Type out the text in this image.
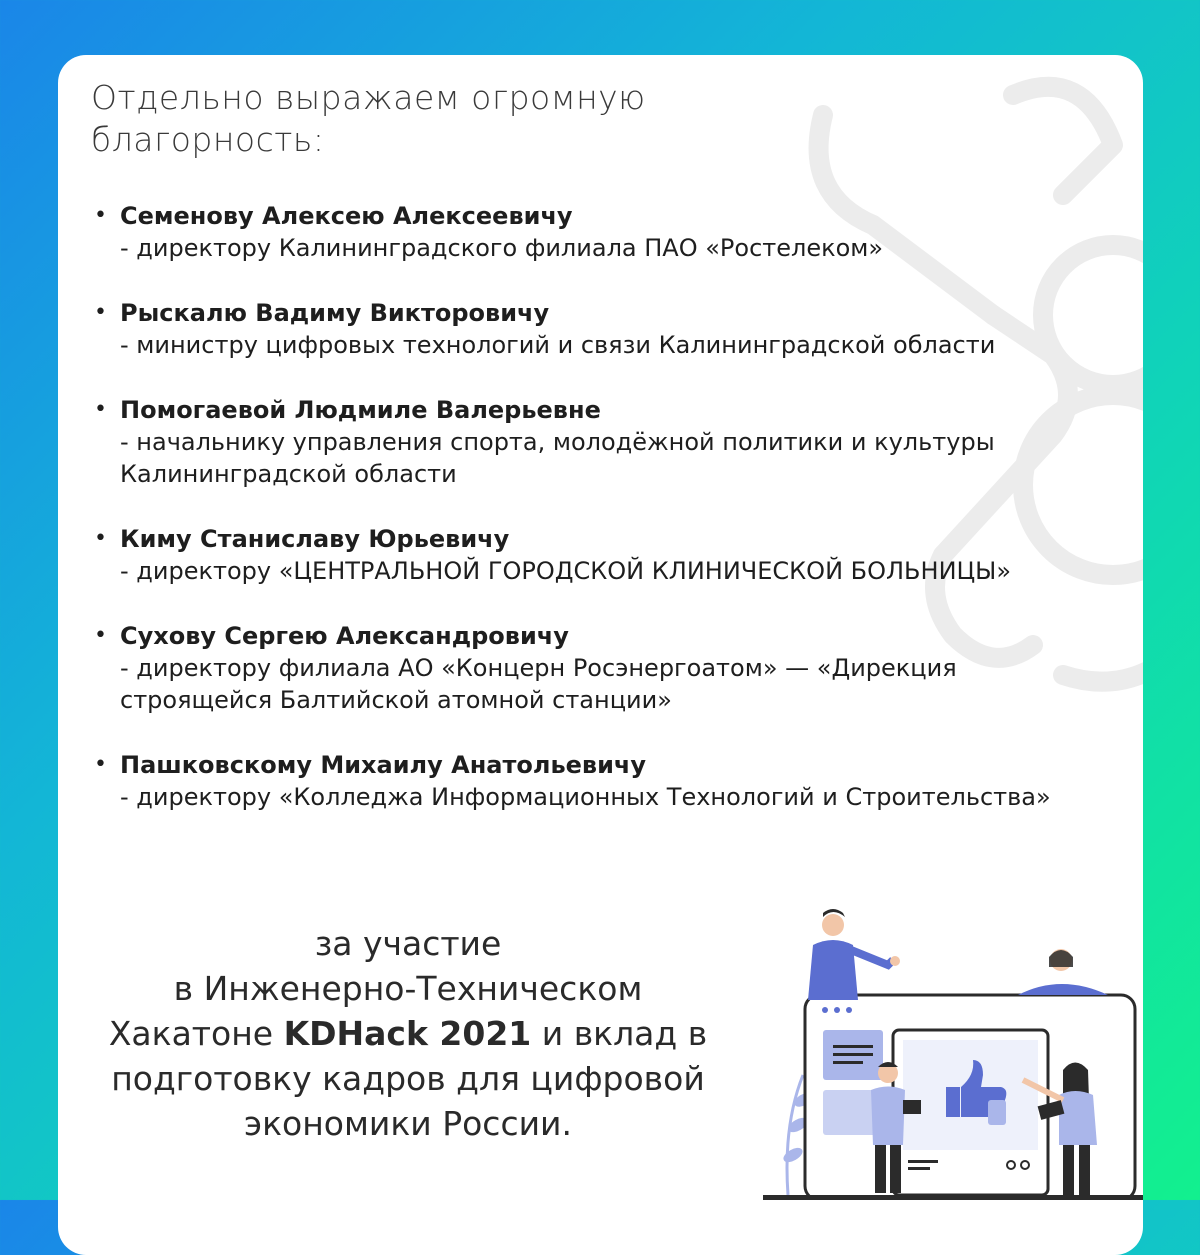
Отдельно выражаем огромную благорность:
• Семенову Алексею Алексеевичу
- директору Калининградского филиала ПАО «Ростелеком»
• Рыскалю Вадиму Викторовичу
- министру цифровых технологий и связи Калининградской области
• Помогаевой Людмиле Валерьевне
- начальнику управления спорта, молодёжной политики и культуры Калининградской области
• Киму Станиславу Юрьевичу
- директору «ЦЕНТРАЛЬНОЙ ГОРОДСКОЙ КЛИНИЧЕСКОЙ БОЛЬНИЦЫ»
• Сухову Сергею Александровичу
- директору филиала АО «Концерн Росэнергоатом» — «Дирекция строящейся Балтийской атомной станции»
• Пашковскому Михаилу Анатольевичу
- директору «Колледжа Информационных Технологий и Строительства»
за участие
в Инженерно-Техническом
Хакатоне KDHack 2021 и вклад в
подготовку кадров для цифровой
экономики России.
